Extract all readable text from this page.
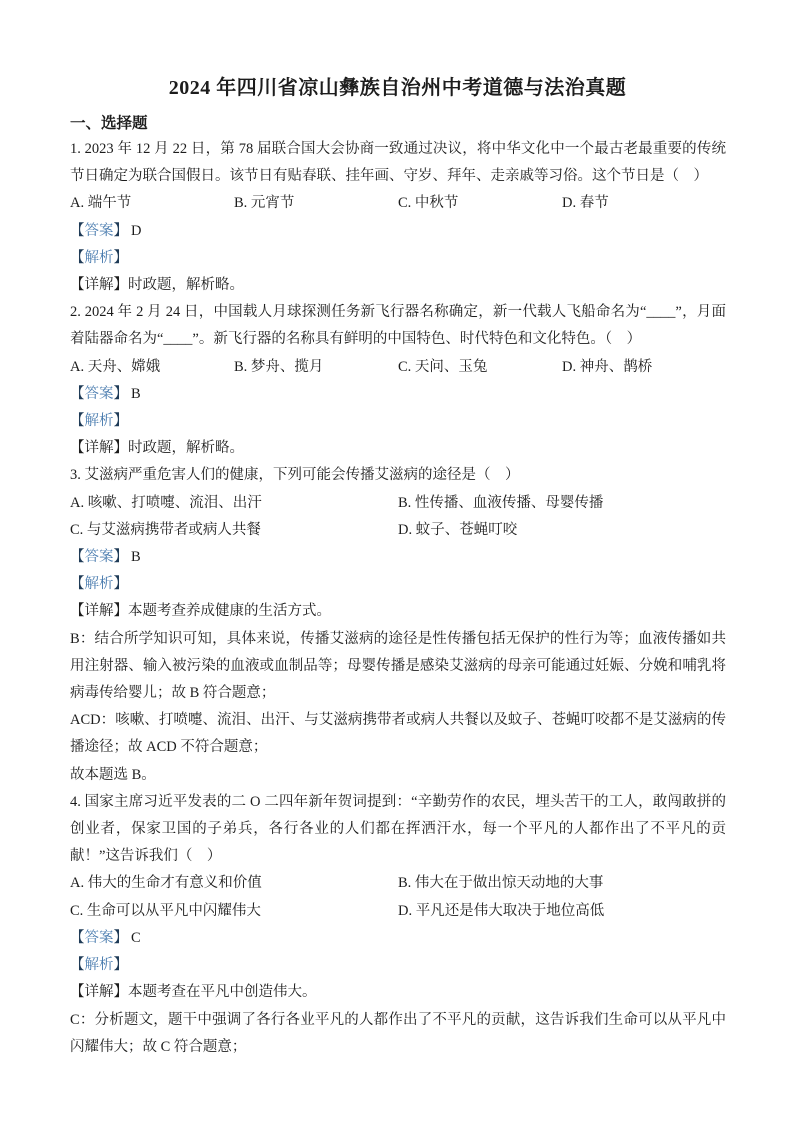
2024 年四川省凉山彝族自治州中考道德与法治真题
一、选择题

1. 2023 年 12 月 22 日，第 78 届联合国大会协商一致通过决议，将中华文化中一个最古老最重要的传统节日确定为联合国假日。该节日有贴春联、挂年画、守岁、拜年、走亲戚等习俗。这个节日是（　）

A. 端午节	B. 元宵节	C. 中秋节	D. 春节

【答案】 D

【解析】

【详解】时政题，解析略。

2. 2024 年 2 月 24 日，中国载人月球探测任务新飞行器名称确定，新一代载人飞船命名为“____”，月面着陆器命名为“____”。新飞行器的名称具有鲜明的中国特色、时代特色和文化特色。（　）

A. 天舟、嫦娥	B. 梦舟、揽月	C. 天问、玉兔	D. 神舟、鹊桥

【答案】 B

【解析】

【详解】时政题，解析略。

3. 艾滋病严重危害人们的健康，下列可能会传播艾滋病的途径是（　）

A. 咳嗽、打喷嚏、流泪、出汗	B. 性传播、血液传播、母婴传播
C. 与艾滋病携带者或病人共餐	D. 蚊子、苍蝇叮咬

【答案】 B

【解析】

【详解】本题考查养成健康的生活方式。

B：结合所学知识可知，具体来说，传播艾滋病的途径是性传播包括无保护的性行为等；血液传播如共用注射器、输入被污染的血液或血制品等；母婴传播是感染艾滋病的母亲可能通过妊娠、分娩和哺乳将病毒传给婴儿；故 B 符合题意；

ACD：咳嗽、打喷嚏、流泪、出汗、与艾滋病携带者或病人共餐以及蚊子、苍蝇叮咬都不是艾滋病的传播途径；故 ACD 不符合题意；

故本题选 B。

4. 国家主席习近平发表的二 O 二四年新年贺词提到：“辛勤劳作的农民，埋头苦干的工人，敢闯敢拼的创业者，保家卫国的子弟兵，各行各业的人们都在挥洒汗水，每一个平凡的人都作出了不平凡的贡献！”这告诉我们（　）

A. 伟大的生命才有意义和价值	B. 伟大在于做出惊天动地的大事
C. 生命可以从平凡中闪耀伟大	D. 平凡还是伟大取决于地位高低

【答案】 C

【解析】

【详解】本题考查在平凡中创造伟大。

C：分析题文，题干中强调了各行各业平凡的人都作出了不平凡的贡献，这告诉我们生命可以从平凡中闪耀伟大；故 C 符合题意；
